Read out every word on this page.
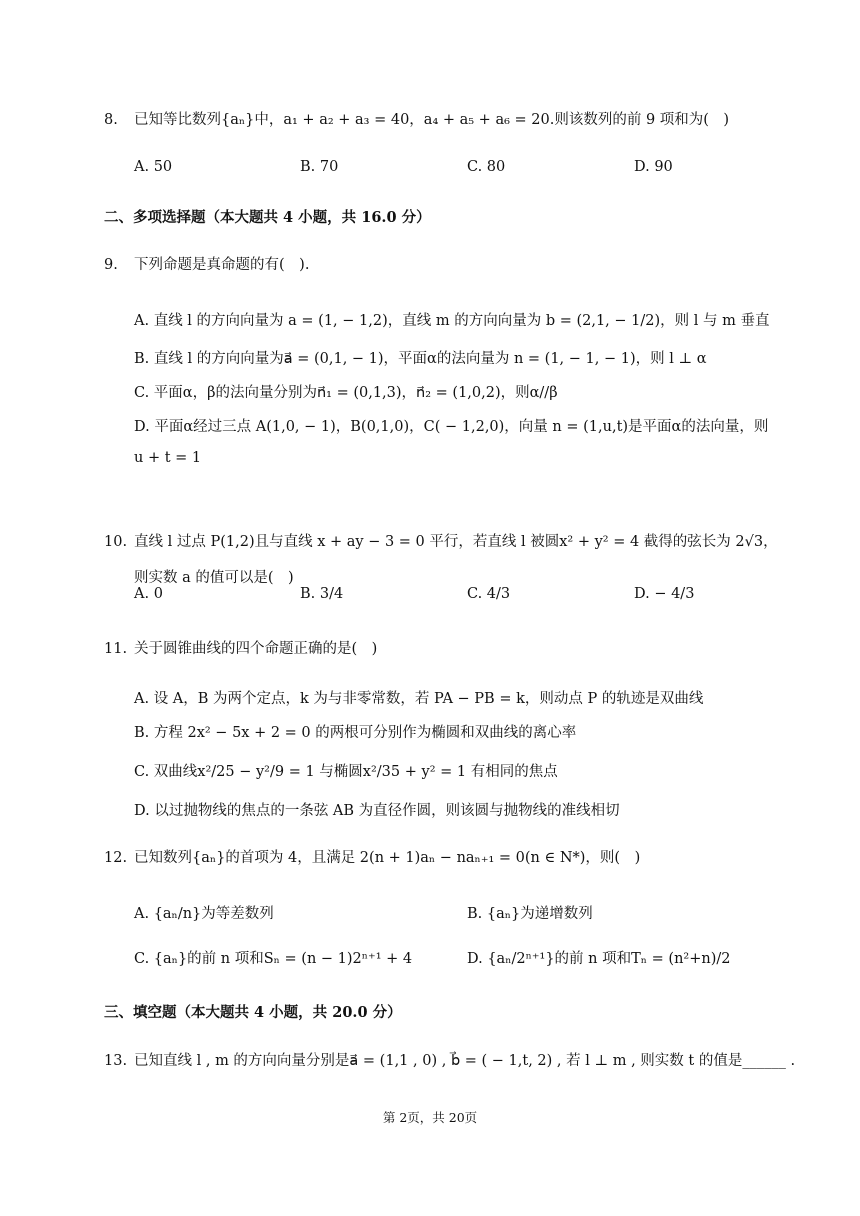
8. 已知等比数列{aₙ}中，a₁ + a₂ + a₃ = 40，a₄ + a₅ + a₆ = 20.则该数列的前 9 项和为(　)
A. 50	B. 70	C. 80	D. 90
二、多项选择题（本大题共 4 小题，共 16.0 分）
9. 下列命题是真命题的有(　).
A. 直线 l 的方向向量为 a = (1, − 1,2)，直线 m 的方向向量为 b = (2,1, − 1/2)，则 l 与 m 垂直
B. 直线 l 的方向向量为a⃗ = (0,1, − 1)，平面α的法向量为 n = (1, − 1, − 1)，则 l ⊥ α
C. 平面α，β的法向量分别为n⃗₁ = (0,1,3)，n⃗₂ = (1,0,2)，则α//β
D. 平面α经过三点 A(1,0, − 1)，B(0,1,0)，C( − 1,2,0)，向量 n = (1,u,t)是平面α的法向量，则
u + t = 1
10. 直线 l 过点 P(1,2)且与直线 x + ay − 3 = 0 平行，若直线 l 被圆x² + y² = 4 截得的弦长为 2√3，
则实数 a 的值可以是(　)
A. 0	B. 3/4	C. 4/3	D. − 4/3
11. 关于圆锥曲线的四个命题正确的是(　)
A. 设 A，B 为两个定点，k 为与非零常数，若 PA − PB = k，则动点 P 的轨迹是双曲线
B. 方程 2x² − 5x + 2 = 0 的两根可分别作为椭圆和双曲线的离心率
C. 双曲线x²/25 − y²/9 = 1 与椭圆x²/35 + y² = 1 有相同的焦点
D. 以过抛物线的焦点的一条弦 AB 为直径作圆，则该圆与抛物线的准线相切
12. 已知数列{aₙ}的首项为 4，且满足 2(n + 1)aₙ − naₙ₊₁ = 0(n ∈ N*)，则(　)
A. {aₙ/n}为等差数列	B. {aₙ}为递增数列
C. {aₙ}的前 n 项和Sₙ = (n − 1)2ⁿ⁺¹ + 4	D. {aₙ/2ⁿ⁺¹}的前 n 项和Tₙ = (n²+n)/2
三、填空题（本大题共 4 小题，共 20.0 分）
13. 已知直线 l , m 的方向向量分别是a⃗ = (1,1 , 0) , b⃗ = ( − 1,t, 2) , 若 l ⊥ m , 则实数 t 的值是______ .
第 2页，共 20页
